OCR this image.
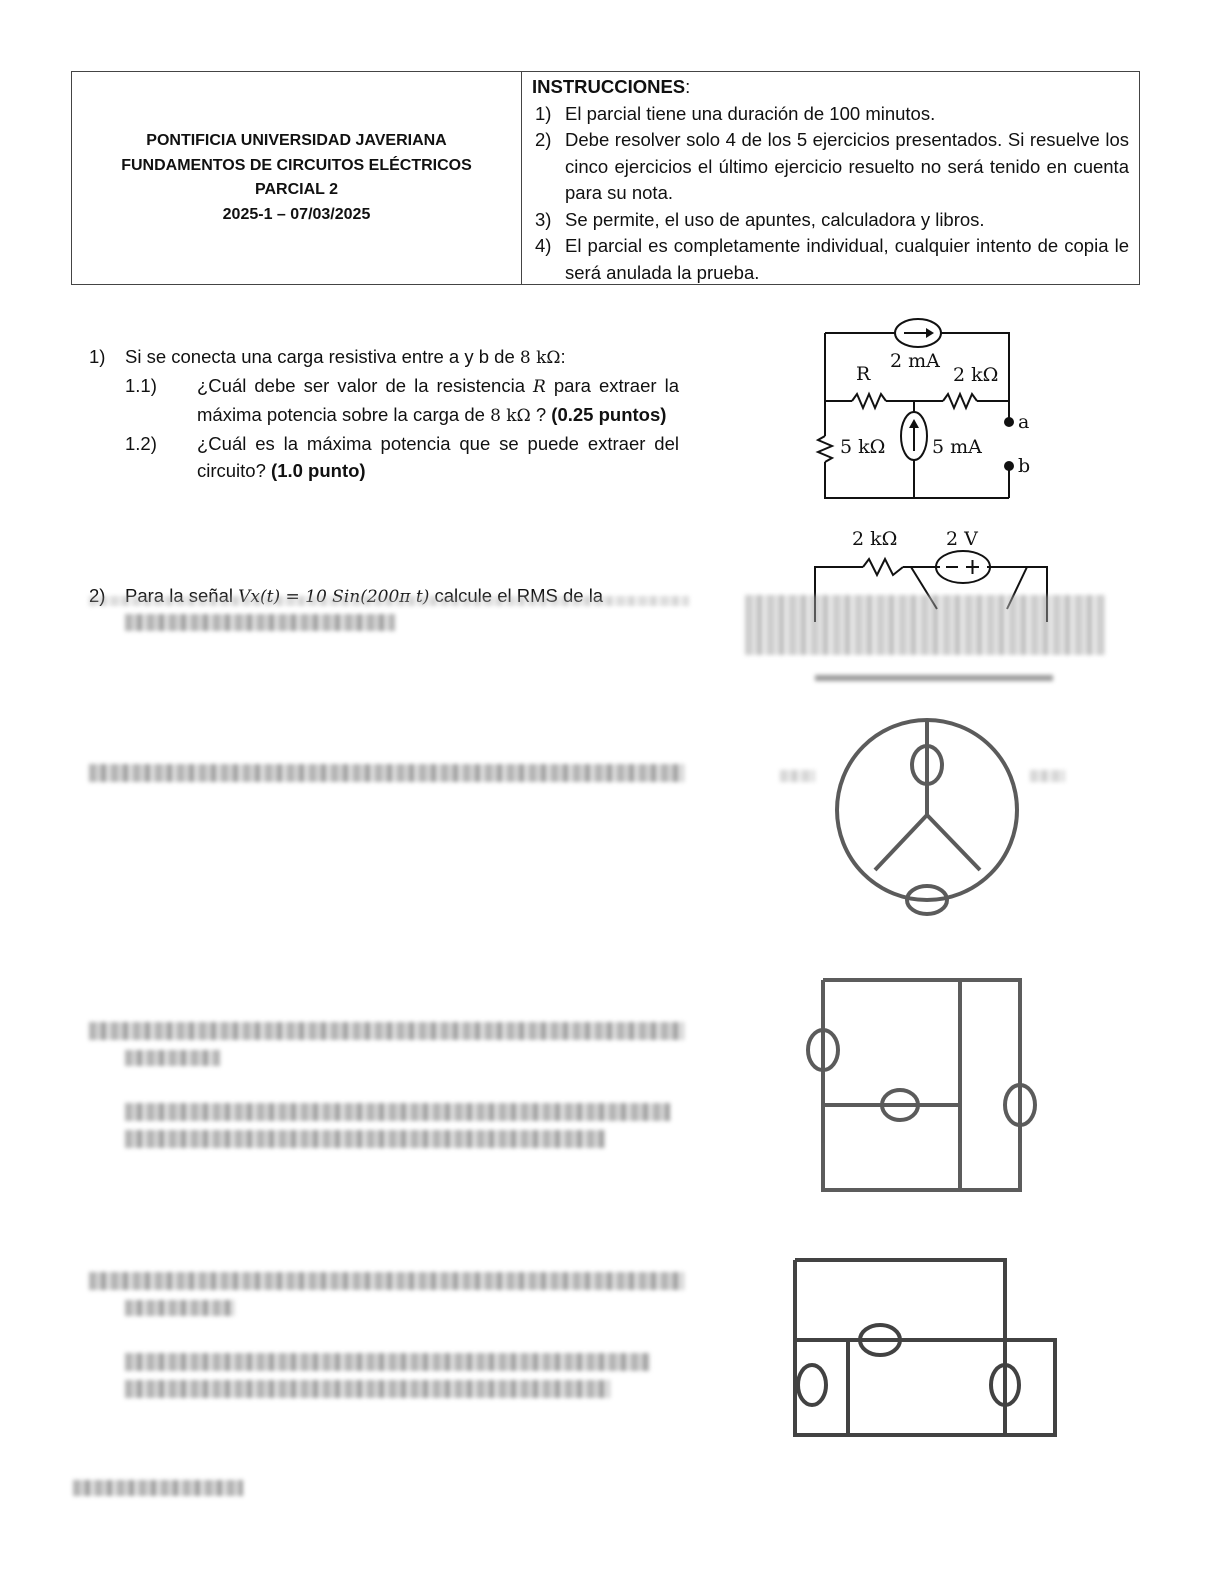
PONTIFICIA UNIVERSIDAD JAVERIANA
FUNDAMENTOS DE CIRCUITOS ELÉCTRICOS
PARCIAL 2
2025-1 – 07/03/2025
INSTRUCCIONES:
1) El parcial tiene una duración de 100 minutos.
2) Debe resolver solo 4 de los 5 ejercicios presentados. Si resuelve los cinco ejercicios el último ejercicio resuelto no será tenido en cuenta para su nota.
3) Se permite, el uso de apuntes, calculadora y libros.
4) El parcial es completamente individual, cualquier intento de copia le será anulada la prueba.
1)	Si se conecta una carga resistiva entre a y b de 8 kΩ:
1.1)	¿Cuál debe ser valor de la resistencia R para extraer la máxima potencia sobre la carga de 8 kΩ ? (0.25 puntos)
1.2)	¿Cuál es la máxima potencia que se puede extraer del circuito? (1.0 punto)
2 mA
R	2 kΩ
5 kΩ 5 mA
a
b
2)	Para la señal Vx(t) = 10 Sin(200π t) calcule el RMS de la
2 kΩ	2 V
